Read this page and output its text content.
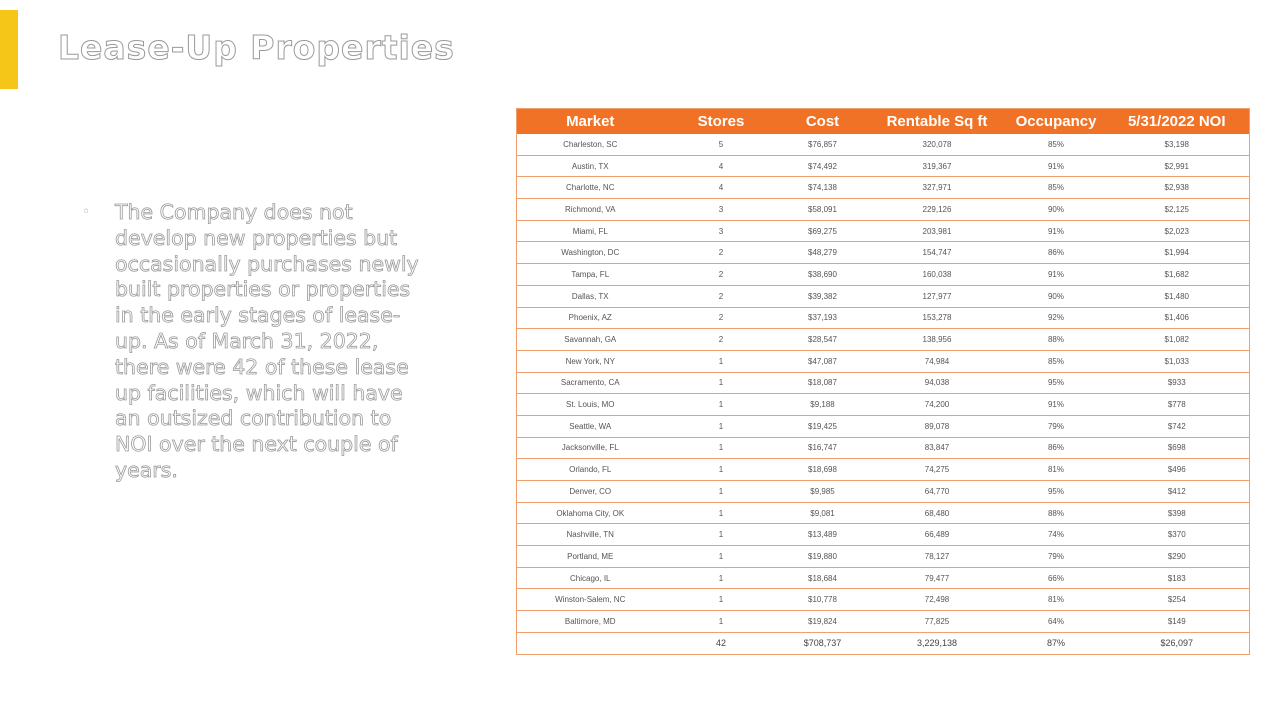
Lease-Up Properties
◦ The Company does not develop new properties but occasionally purchases newly built properties or properties in the early stages of lease-up. As of March 31, 2022, there were 42 of these lease up facilities, which will have an outsized contribution to NOI over the next couple of years.
Market	Stores	Cost	Rentable Sq ft	Occupancy	5/31/2022 NOI
Charleston, SC	5	$76,857	320,078	85%	$3,198
Austin, TX	4	$74,492	319,367	91%	$2,991
Charlotte, NC	4	$74,138	327,971	85%	$2,938
Richmond, VA	3	$58,091	229,126	90%	$2,125
Miami, FL	3	$69,275	203,981	91%	$2,023
Washington, DC	2	$48,279	154,747	86%	$1,994
Tampa, FL	2	$38,690	160,038	91%	$1,682
Dallas, TX	2	$39,382	127,977	90%	$1,480
Phoenix, AZ	2	$37,193	153,278	92%	$1,406
Savannah, GA	2	$28,547	138,956	88%	$1,082
New York, NY	1	$47,087	74,984	85%	$1,033
Sacramento, CA	1	$18,087	94,038	95%	$933
St. Louis, MO	1	$9,188	74,200	91%	$778
Seattle, WA	1	$19,425	89,078	79%	$742
Jacksonville, FL	1	$16,747	83,847	86%	$698
Orlando, FL	1	$18,698	74,275	81%	$496
Denver, CO	1	$9,985	64,770	95%	$412
Oklahoma City, OK	1	$9,081	68,480	88%	$398
Nashville, TN	1	$13,489	66,489	74%	$370
Portland, ME	1	$19,880	78,127	79%	$290
Chicago, IL	1	$18,684	79,477	66%	$183
Winston-Salem, NC	1	$10,778	72,498	81%	$254
Baltimore, MD	1	$19,824	77,825	64%	$149
	42	$708,737	3,229,138	87%	$26,097
